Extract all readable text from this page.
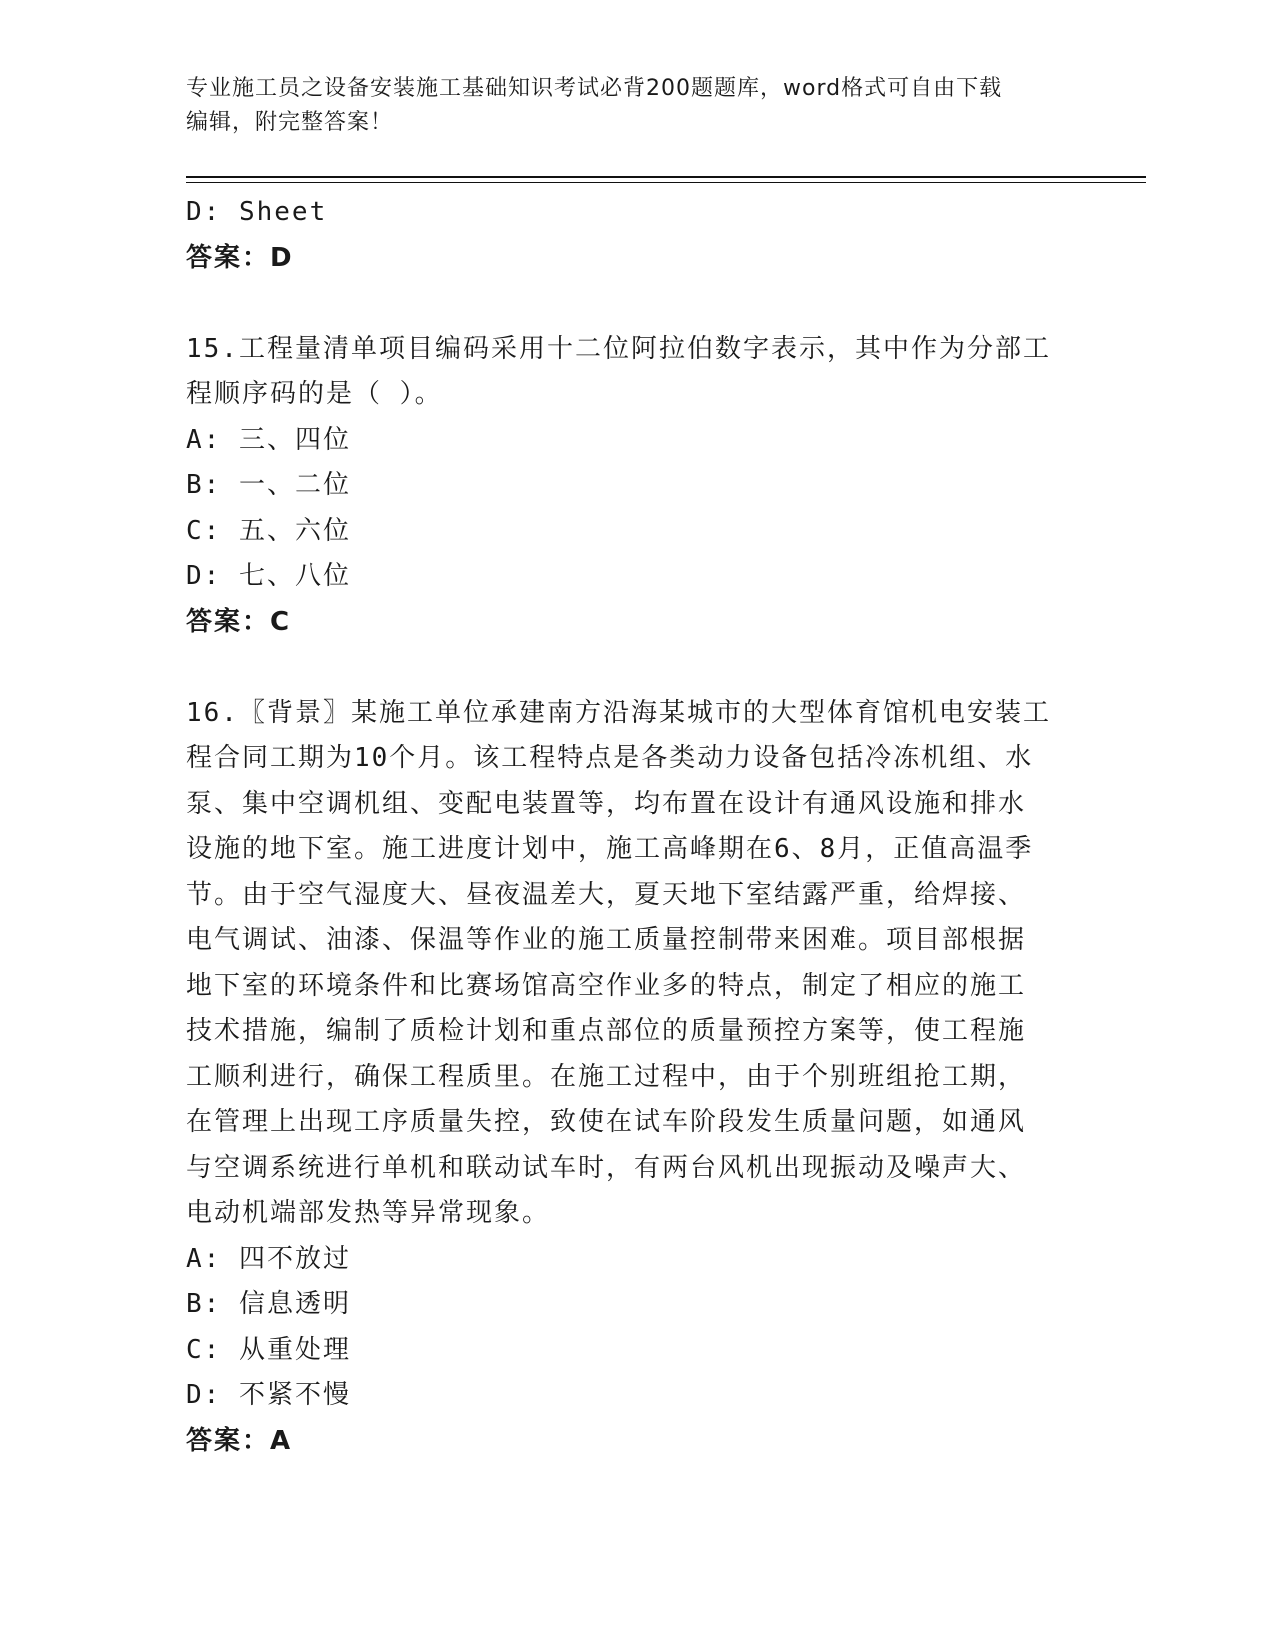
专业施工员之设备安装施工基础知识考试必背200题题库，word格式可自由下载
编辑，附完整答案！
D: Sheet
答案：D
15.工程量清单项目编码采用十二位阿拉伯数字表示，其中作为分部工
程顺序码的是（ ）。
A: 三、四位
B: 一、二位
C: 五、六位
D: 七、八位
答案：C
16.〖背景〗某施工单位承建南方沿海某城市的大型体育馆机电安装工
程合同工期为10个月。该工程特点是各类动力设备包括冷冻机组、水
泵、集中空调机组、变配电装置等，均布置在设计有通风设施和排水
设施的地下室。施工进度计划中，施工高峰期在6、8月，正值高温季
节。由于空气湿度大、昼夜温差大，夏天地下室结露严重，给焊接、
电气调试、油漆、保温等作业的施工质量控制带来困难。项目部根据
地下室的环境条件和比赛场馆高空作业多的特点，制定了相应的施工
技术措施，编制了质检计划和重点部位的质量预控方案等，使工程施
工顺利进行，确保工程质里。在施工过程中，由于个别班组抢工期，
在管理上出现工序质量失控，致使在试车阶段发生质量问题，如通风
与空调系统进行单机和联动试车时，有两台风机出现振动及噪声大、
电动机端部发热等异常现象。
A: 四不放过
B: 信息透明
C: 从重处理
D: 不紧不慢
答案：A
